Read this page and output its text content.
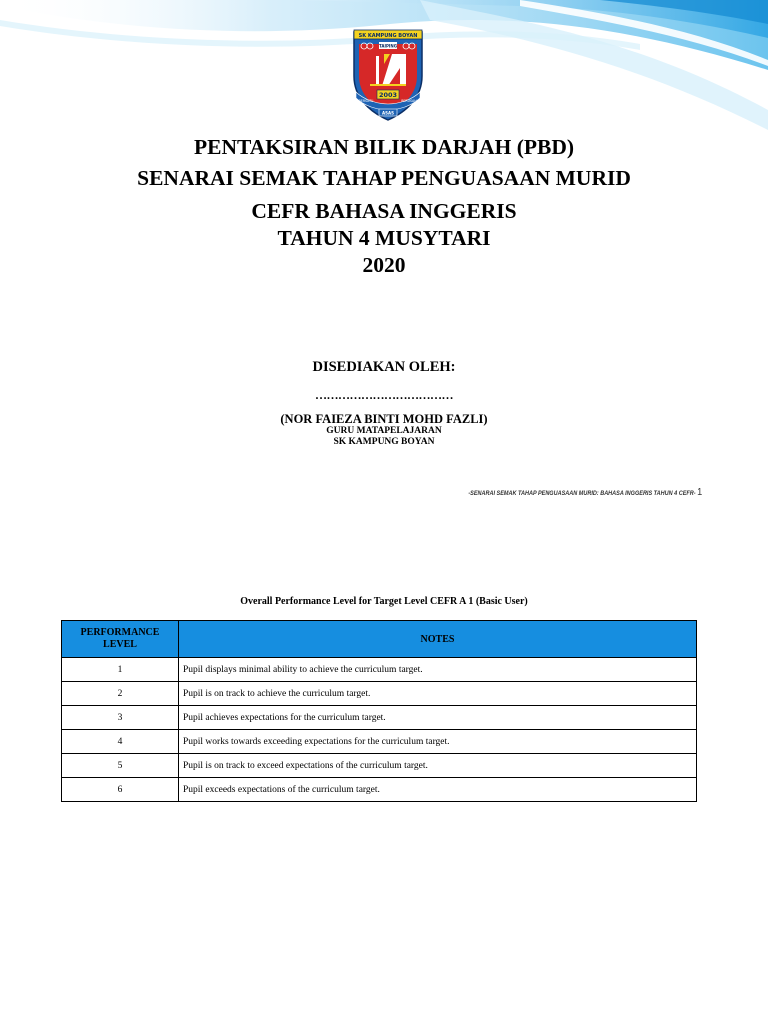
SK KAMPUNG BOYAN
TAIPING
2003
BERSATU	BERUSAHA
ASAS
PENTAKSIRAN BILIK DARJAH (PBD)
SENARAI SEMAK TAHAP PENGUASAAN MURID
CEFR BAHASA INGGERIS
TAHUN 4 MUSYTARI
2020
DISEDIAKAN OLEH:
………………………………
(NOR FAIEZA BINTI MOHD FAZLI)
GURU MATAPELAJARAN
SK KAMPUNG BOYAN
-SENARAI SEMAK TAHAP PENGUASAAN MURID: BAHASA INGGERIS TAHUN 4 CEFR- 1
Overall Performance Level for Target Level CEFR A 1 (Basic User)
PERFORMANCE
LEVEL	NOTES
1	Pupil displays minimal ability to achieve the curriculum target.
2	Pupil is on track to achieve the curriculum target.
3	Pupil achieves expectations for the curriculum target.
4	Pupil works towards exceeding expectations for the curriculum target.
5	Pupil is on track to exceed expectations of the curriculum target.
6	Pupil exceeds expectations of the curriculum target.
